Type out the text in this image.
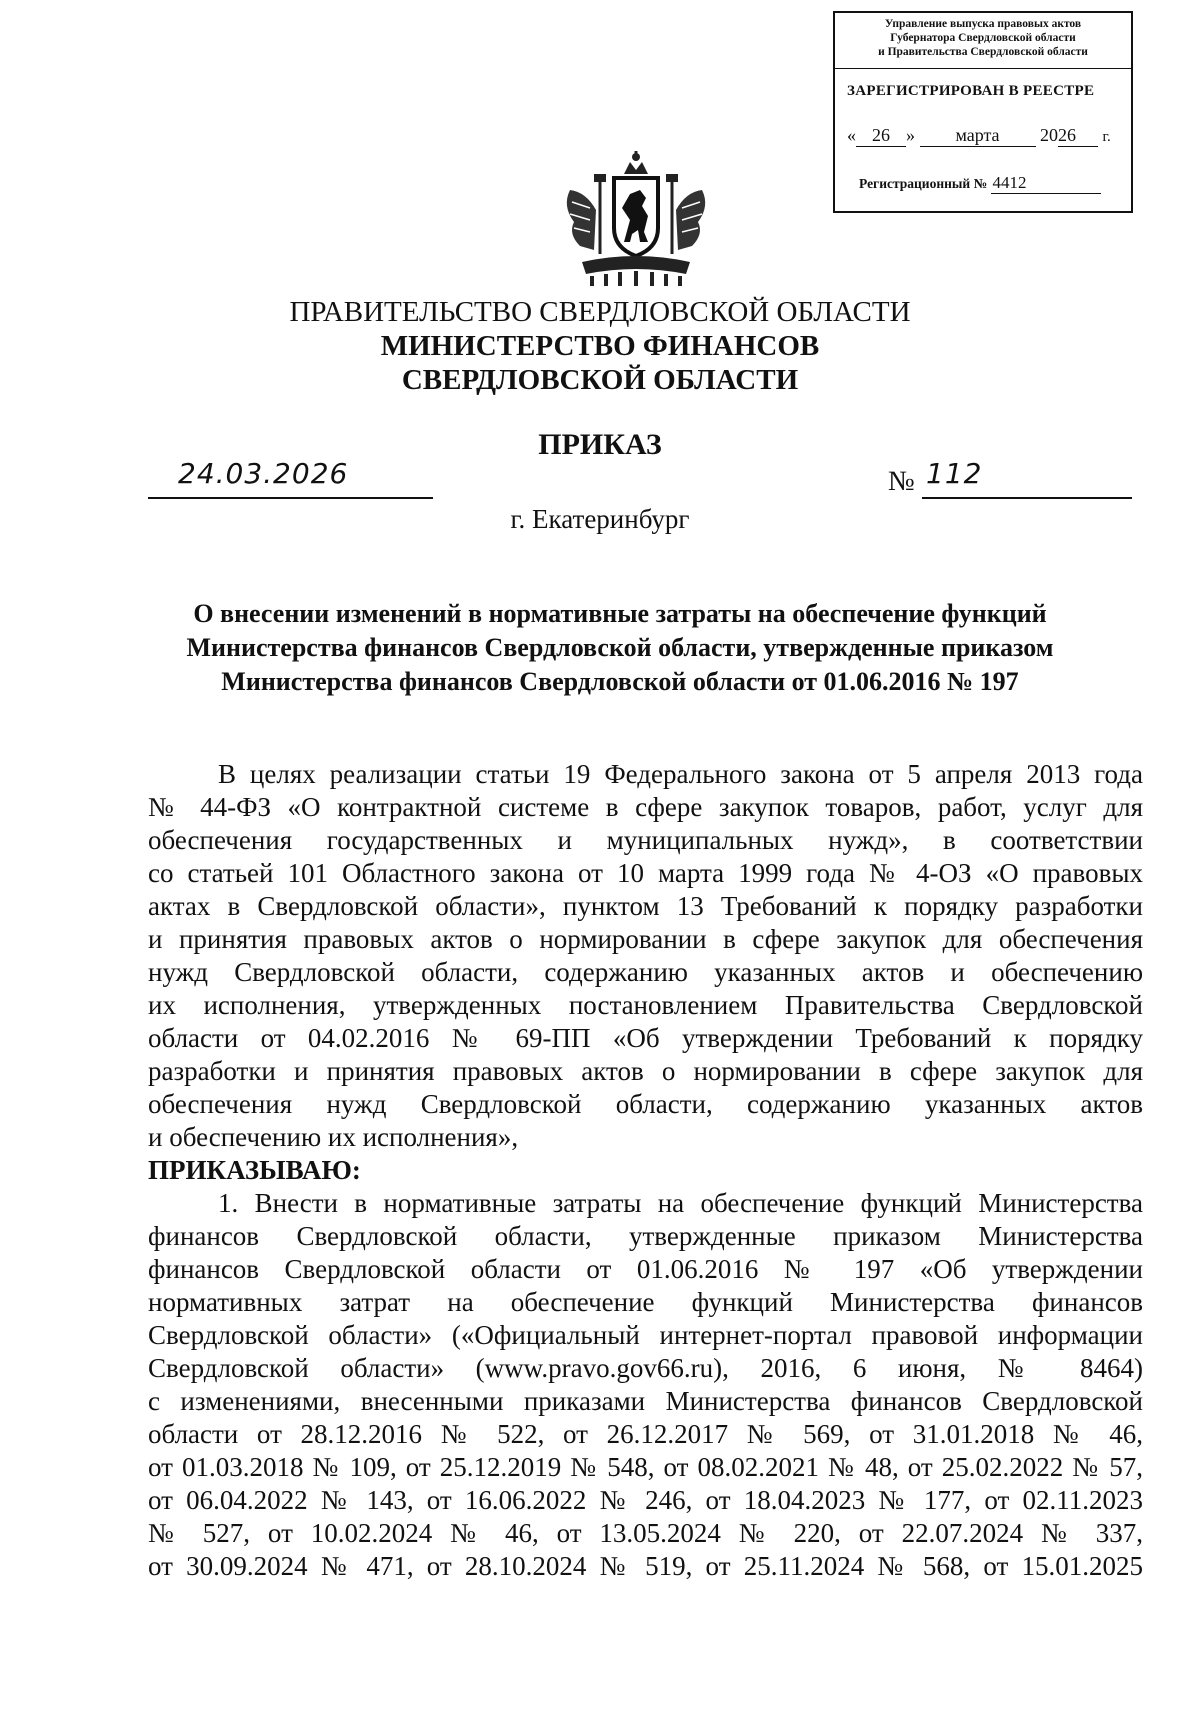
Управление выпуска правовых актов
Губернатора Свердловской области
и Правительства Свердловской области
ЗАРЕГИСТРИРОВАН В РЕЕСТРЕ
« 26 » марта 2026 г.
Регистрационный № 4412
ПРАВИТЕЛЬСТВО СВЕРДЛОВСКОЙ ОБЛАСТИ
МИНИСТЕРСТВО ФИНАНСОВ
СВЕРДЛОВСКОЙ ОБЛАСТИ
ПРИКАЗ
24.03.2026	№ 112
г. Екатеринбург
О внесении изменений в нормативные затраты на обеспечение функций
Министерства финансов Свердловской области, утвержденные приказом
Министерства финансов Свердловской области от 01.06.2016 № 197

В целях реализации статьи 19 Федерального закона от 5 апреля 2013 года

№ 44-ФЗ «О контрактной системе в сфере закупок товаров, работ, услуг для

обеспечения государственных и муниципальных нужд», в соответствии

со статьей 101 Областного закона от 10 марта 1999 года № 4-ОЗ «О правовых

актах в Свердловской области», пунктом 13 Требований к порядку разработки

и принятия правовых актов о нормировании в сфере закупок для обеспечения

нужд Свердловской области, содержанию указанных актов и обеспечению

их исполнения, утвержденных постановлением Правительства Свердловской

области от 04.02.2016 № 69-ПП «Об утверждении Требований к порядку

разработки и принятия правовых актов о нормировании в сфере закупок для

обеспечения нужд Свердловской области, содержанию указанных актов

и обеспечению их исполнения»,

ПРИКАЗЫВАЮ:

1. Внести в нормативные затраты на обеспечение функций Министерства

финансов Свердловской области, утвержденные приказом Министерства

финансов Свердловской области от 01.06.2016 № 197 «Об утверждении

нормативных затрат на обеспечение функций Министерства финансов

Свердловской области» («Официальный интернет-портал правовой информации

Свердловской области» (www.pravo.gov66.ru), 2016, 6 июня, № 8464)

с изменениями, внесенными приказами Министерства финансов Свердловской

области от 28.12.2016 № 522, от 26.12.2017 № 569, от 31.01.2018 № 46,

от 01.03.2018 № 109, от 25.12.2019 № 548, от 08.02.2021 № 48, от 25.02.2022 № 57,

от 06.04.2022 № 143, от 16.06.2022 № 246, от 18.04.2023 № 177, от 02.11.2023

№ 527, от 10.02.2024 № 46, от 13.05.2024 № 220, от 22.07.2024 № 337,

от 30.09.2024 № 471, от 28.10.2024 № 519, от 25.11.2024 № 568, от 15.01.2025
